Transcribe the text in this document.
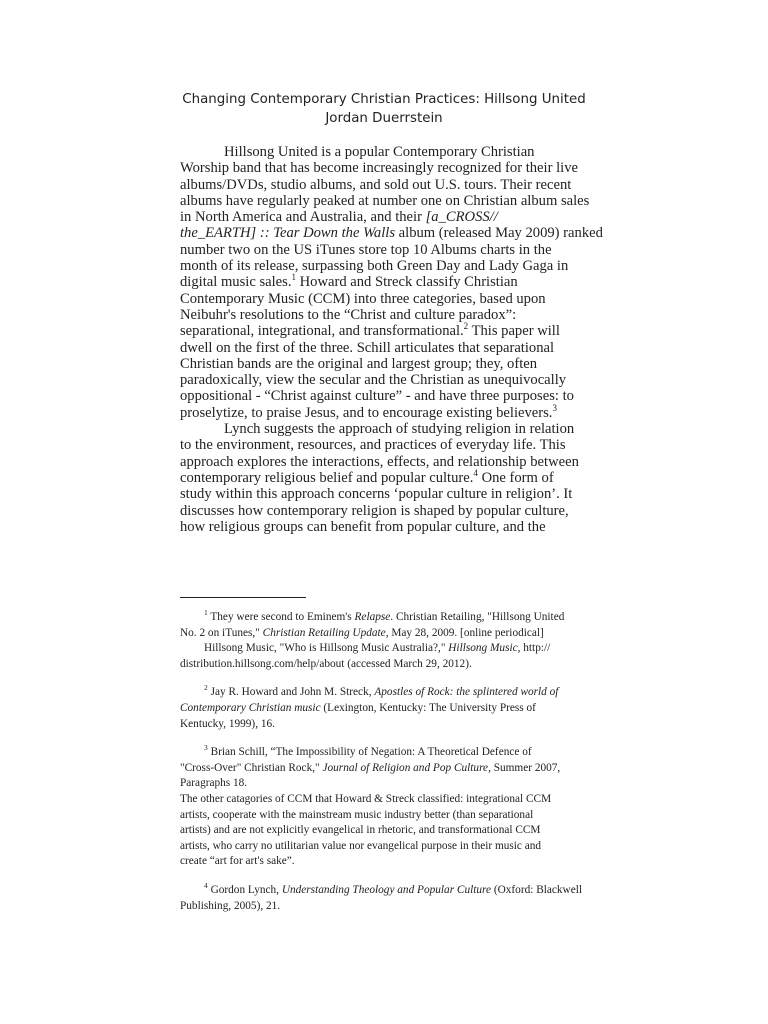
Changing Contemporary Christian Practices: Hillsong United
Jordan Duerrstein
Hillsong United is a popular Contemporary Christian
Worship band that has become increasingly recognized for their live
albums/DVDs, studio albums, and sold out U.S. tours. Their recent
albums have regularly peaked at number one on Christian album sales
in North America and Australia, and their [a_CROSS//
the_EARTH] :: Tear Down the Walls album (released May 2009) ranked
number two on the US iTunes store top 10 Albums charts in the
month of its release, surpassing both Green Day and Lady Gaga in
digital music sales.$^1$ Howard and Streck classify Christian
Contemporary Music (CCM) into three categories, based upon
Neibuhr's resolutions to the “Christ and culture paradox”:
separational, integrational, and transformational.$^2$ This paper will
dwell on the first of the three. Schill articulates that separational
Christian bands are the original and largest group; they, often
paradoxically, view the secular and the Christian as unequivocally
oppositional - “Christ against culture” - and have three purposes: to
proselytize, to praise Jesus, and to encourage existing believers.$^3$
Lynch suggests the approach of studying religion in relation
to the environment, resources, and practices of everyday life. This
approach explores the interactions, effects, and relationship between
contemporary religious belief and popular culture.$^4$ One form of
study within this approach concerns ‘popular culture in religion’. It
discusses how contemporary religion is shaped by popular culture,
how religious groups can benefit from popular culture, and the
$^1$ They were second to Eminem's Relapse. Christian Retailing, "Hillsong United
No. 2 on iTunes," Christian Retailing Update, May 28, 2009. [online periodical]
Hillsong Music, "Who is Hillsong Music Australia?," Hillsong Music, http://
distribution.hillsong.com/help/about (accessed March 29, 2012).
$^2$ Jay R. Howard and John M. Streck, Apostles of Rock: the splintered world of
Contemporary Christian music (Lexington, Kentucky: The University Press of
Kentucky, 1999), 16.
$^3$ Brian Schill, “The Impossibility of Negation: A Theoretical Defence of
"Cross-Over" Christian Rock," Journal of Religion and Pop Culture, Summer 2007,
Paragraphs 18.
The other catagories of CCM that Howard & Streck classified: integrational CCM
artists, cooperate with the mainstream music industry better (than separational
artists) and are not explicitly evangelical in rhetoric, and transformational CCM
artists, who carry no utilitarian value nor evangelical purpose in their music and
create “art for art's sake”.
$^4$ Gordon Lynch, Understanding Theology and Popular Culture (Oxford: Blackwell
Publishing, 2005), 21.
